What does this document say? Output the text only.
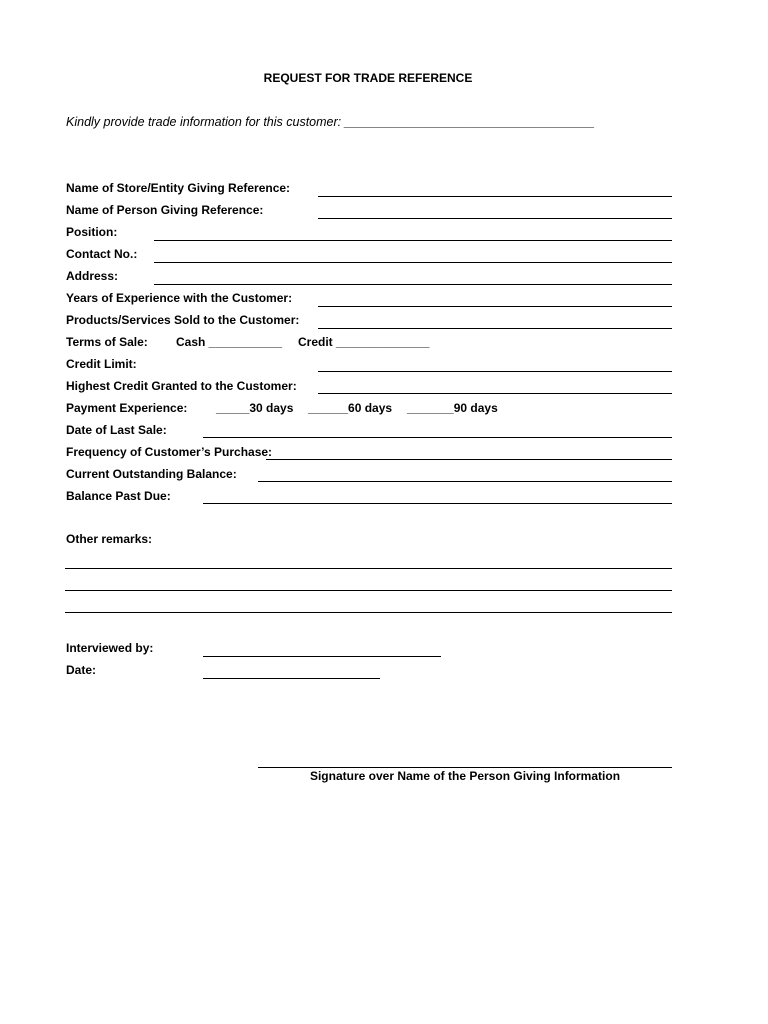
REQUEST FOR TRADE REFERENCE
Kindly provide trade information for this customer: ____________________________________
Name of Store/Entity Giving Reference:
Name of Person Giving Reference:
Position:
Contact No.:
Address:
Years of Experience with the Customer:
Products/Services Sold to the Customer:
Terms of Sale: Cash ___________ Credit ______________
Credit Limit:
Highest Credit Granted to the Customer:
Payment Experience: _____30 days ______60 days _______90 days
Date of Last Sale:
Frequency of Customer’s Purchase:
Current Outstanding Balance:
Balance Past Due:
Other remarks:
Interviewed by:
Date:
Signature over Name of the Person Giving Information
